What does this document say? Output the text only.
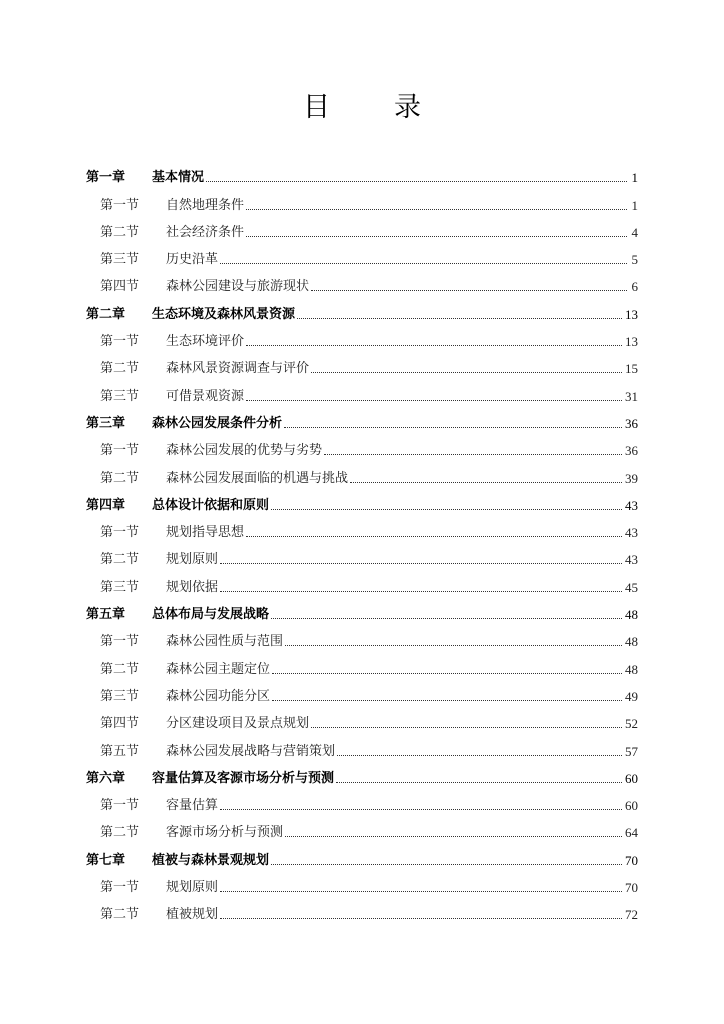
目 录
第一章	基本情况	1
第一节	自然地理条件	1
第二节	社会经济条件	4
第三节	历史沿革	5
第四节	森林公园建设与旅游现状	6
第二章	生态环境及森林风景资源	13
第一节	生态环境评价	13
第二节	森林风景资源调查与评价	15
第三节	可借景观资源	31
第三章	森林公园发展条件分析	36
第一节	森林公园发展的优势与劣势	36
第二节	森林公园发展面临的机遇与挑战	39
第四章	总体设计依据和原则	43
第一节	规划指导思想	43
第二节	规划原则	43
第三节	规划依据	45
第五章	总体布局与发展战略	48
第一节	森林公园性质与范围	48
第二节	森林公园主题定位	48
第三节	森林公园功能分区	49
第四节	分区建设项目及景点规划	52
第五节	森林公园发展战略与营销策划	57
第六章	容量估算及客源市场分析与预测	60
第一节	容量估算	60
第二节	客源市场分析与预测	64
第七章	植被与森林景观规划	70
第一节	规划原则	70
第二节	植被规划	72
